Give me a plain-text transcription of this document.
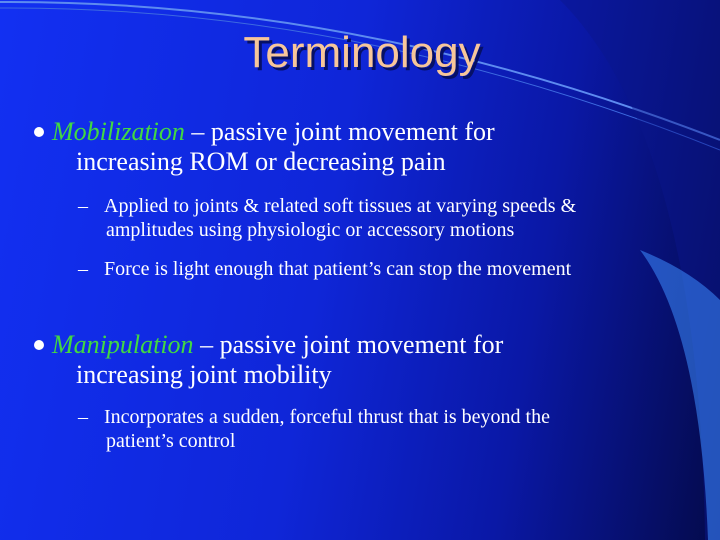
Terminology
Mobilization – passive joint movement for
increasing ROM or decreasing pain
– Applied to joints & related soft tissues at varying speeds &
amplitudes using physiologic or accessory motions
– Force is light enough that patient’s can stop the movement
Manipulation – passive joint movement for
increasing joint mobility
– Incorporates a sudden, forceful thrust that is beyond the
patient’s control
